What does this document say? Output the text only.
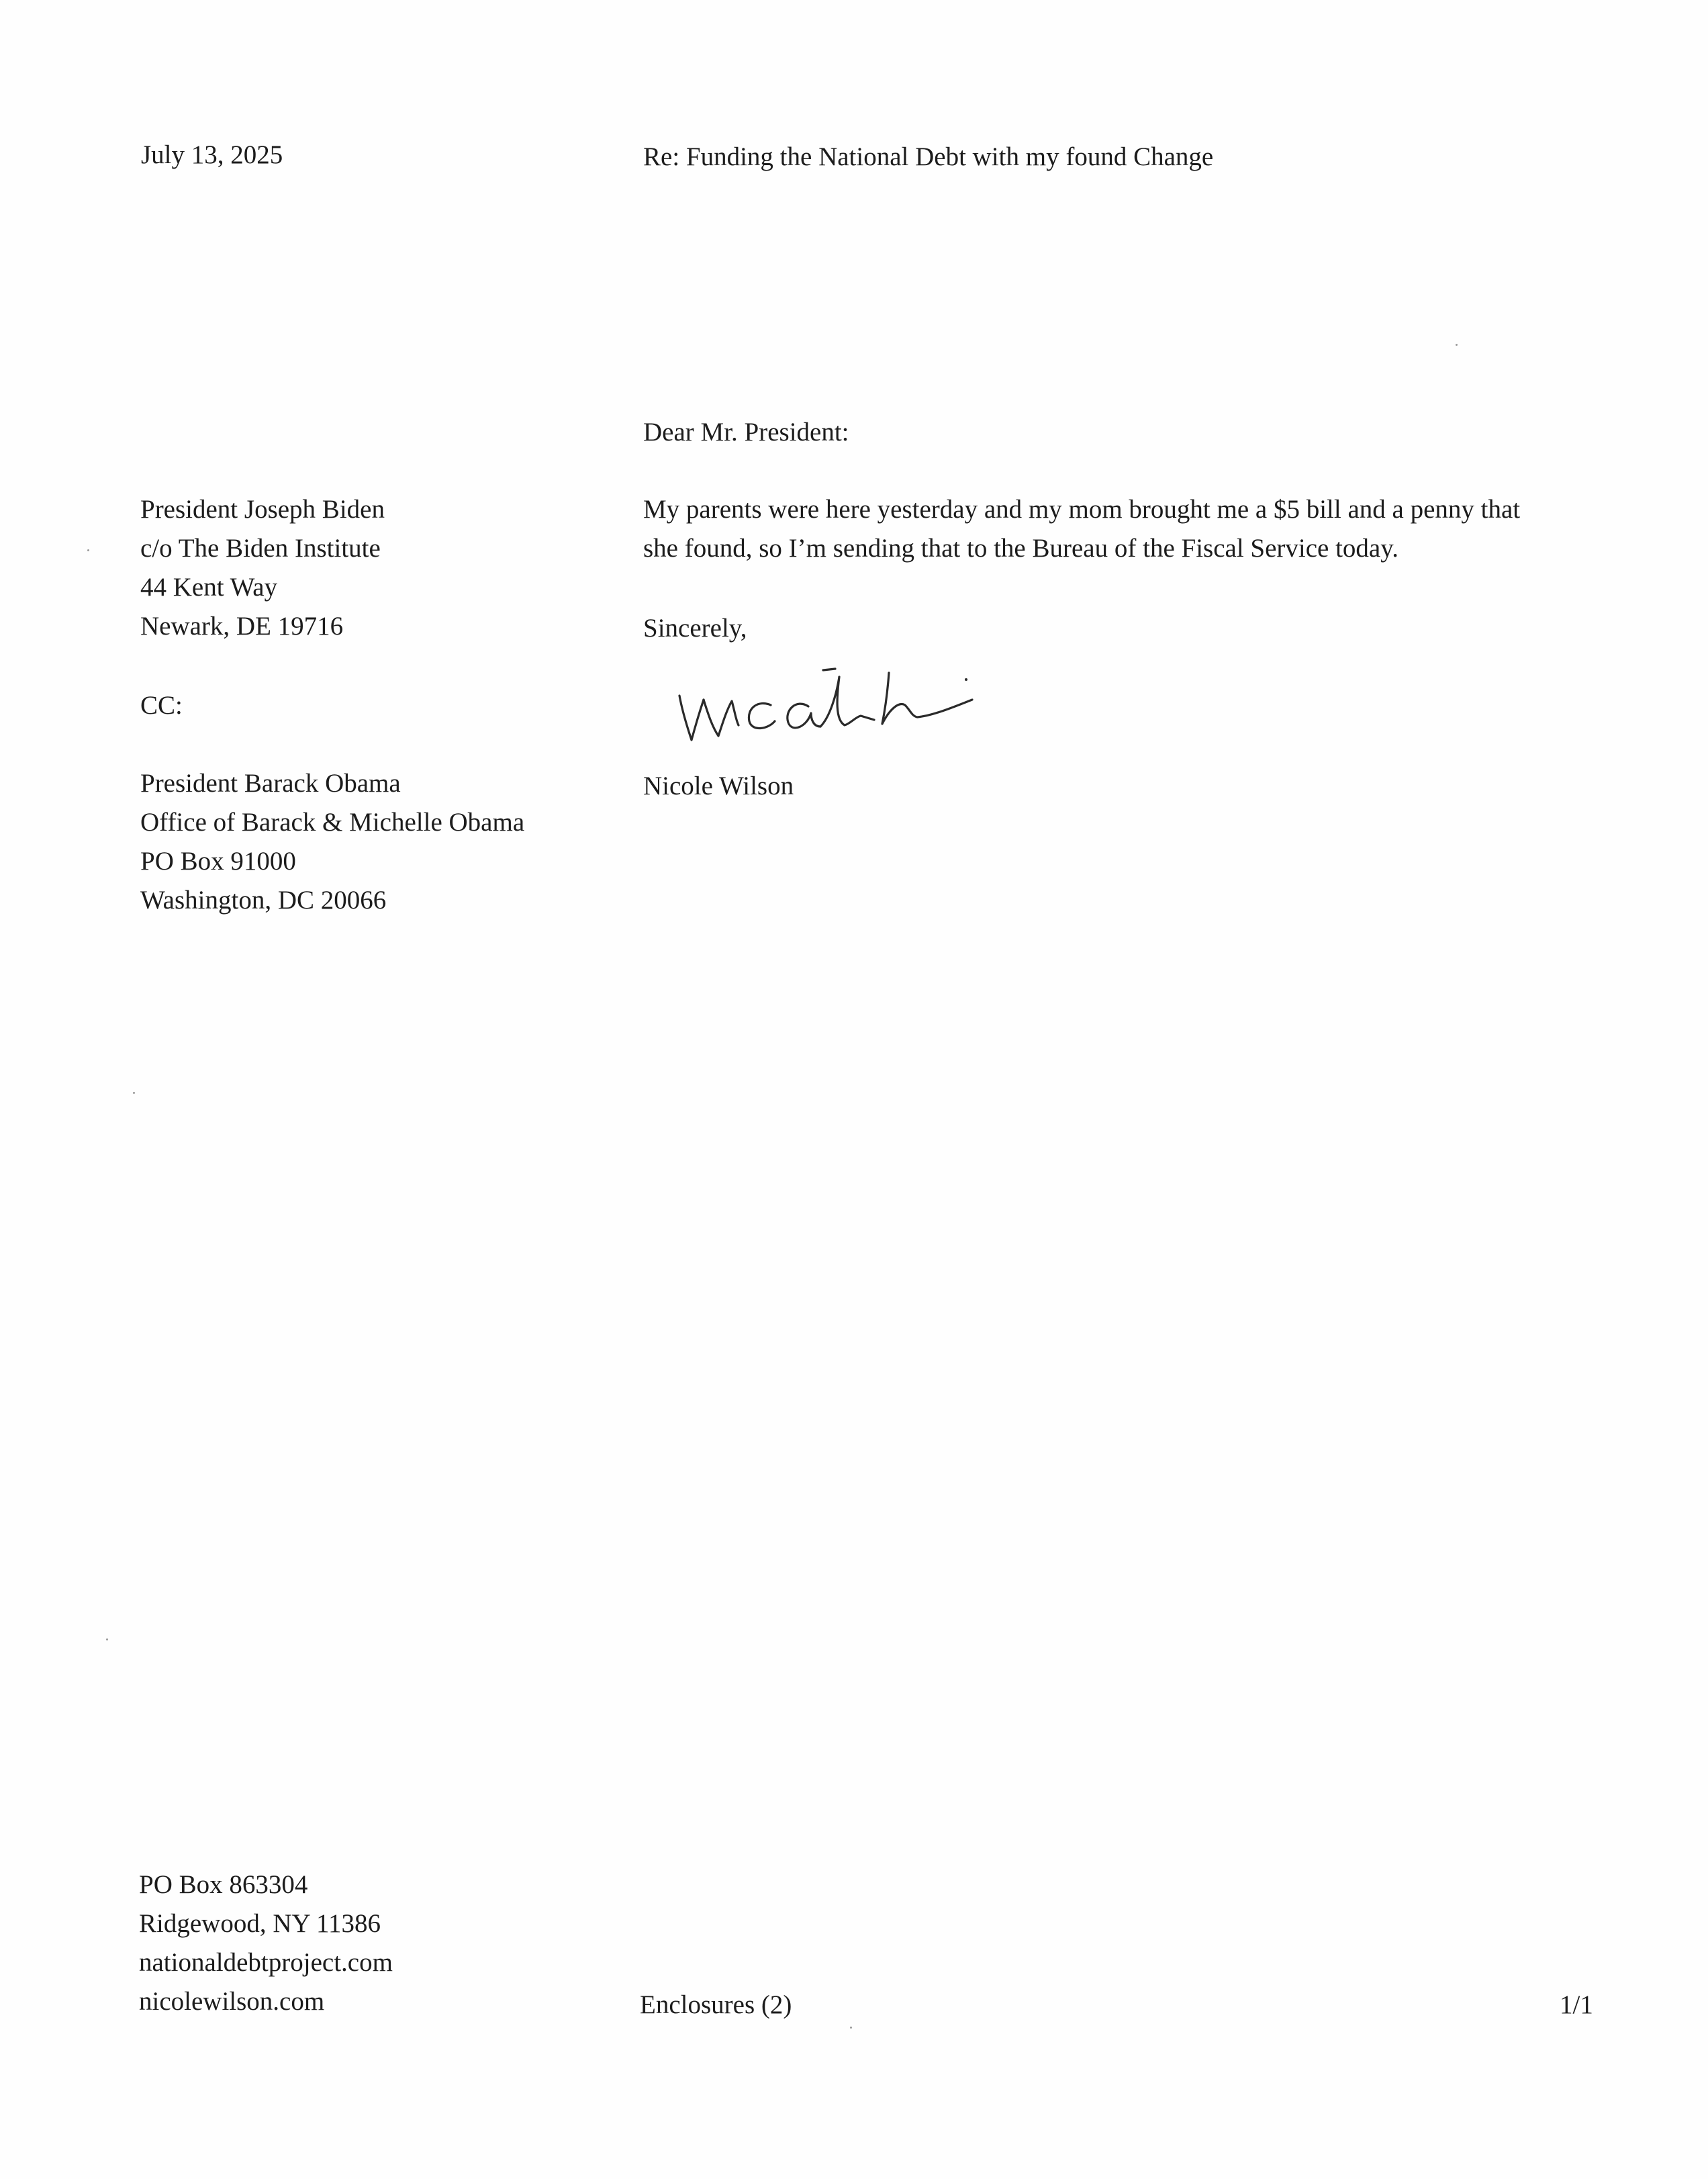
July 13, 2025	Re: Funding the National Debt with my found Change
Dear Mr. President:
President Joseph Biden
c/o The Biden Institute
44 Kent Way
Newark, DE 19716
My parents were here yesterday and my mom brought me a $5 bill and a penny that
she found, so I’m sending that to the Bureau of the Fiscal Service today.
Sincerely,
CC:
Nicole Wilson
President Barack Obama
Office of Barack & Michelle Obama
PO Box 91000
Washington, DC 20066
PO Box 863304
Ridgewood, NY 11386
nationaldebtproject.com
nicolewilson.com	Enclosures (2)	1/1
